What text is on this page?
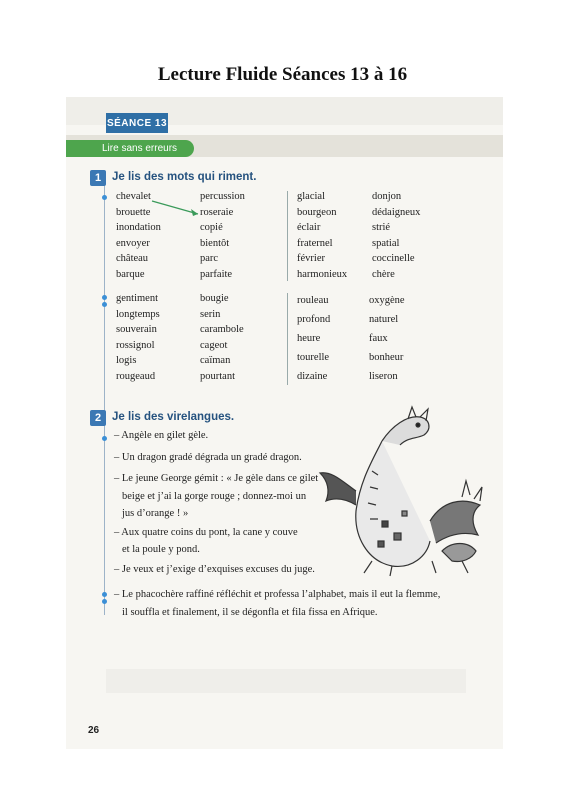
Lecture Fluide Séances 13 à 16
SÉANCE 13
Lire sans erreurs
1 Je lis des mots qui riment.
chevalet
brouette
inondation
envoyer
château
barque
percussion
roseraie
copié
bientôt
parc
parfaite
glacial
bourgeon
éclair
fraternel
février
harmonieux
donjon
dédaigneux
strié
spatial
coccinelle
chère
gentiment
longtemps
souverain
rossignol
logis
rougeaud
bougie
serin
carambole
cageot
caïman
pourtant
rouleau
profond
heure
tourelle
dizaine
oxygène
naturel
faux
bonheur
liseron
2 Je lis des virelangues.
– Angèle en gilet gèle.
– Un dragon gradé dégrada un gradé dragon.
– Le jeune George gémit : « Je gèle dans ce gilet
beige et j’ai la gorge rouge ; donnez-moi un
jus d’orange ! »
– Aux quatre coins du pont, la cane y couve
et la poule y pond.
– Je veux et j’exige d’exquises excuses du juge.
– Le phacochère raffiné réfléchit et professa l’alphabet, mais il eut la flemme,
il souffla et finalement, il se dégonfla et fila fissa en Afrique.
26
